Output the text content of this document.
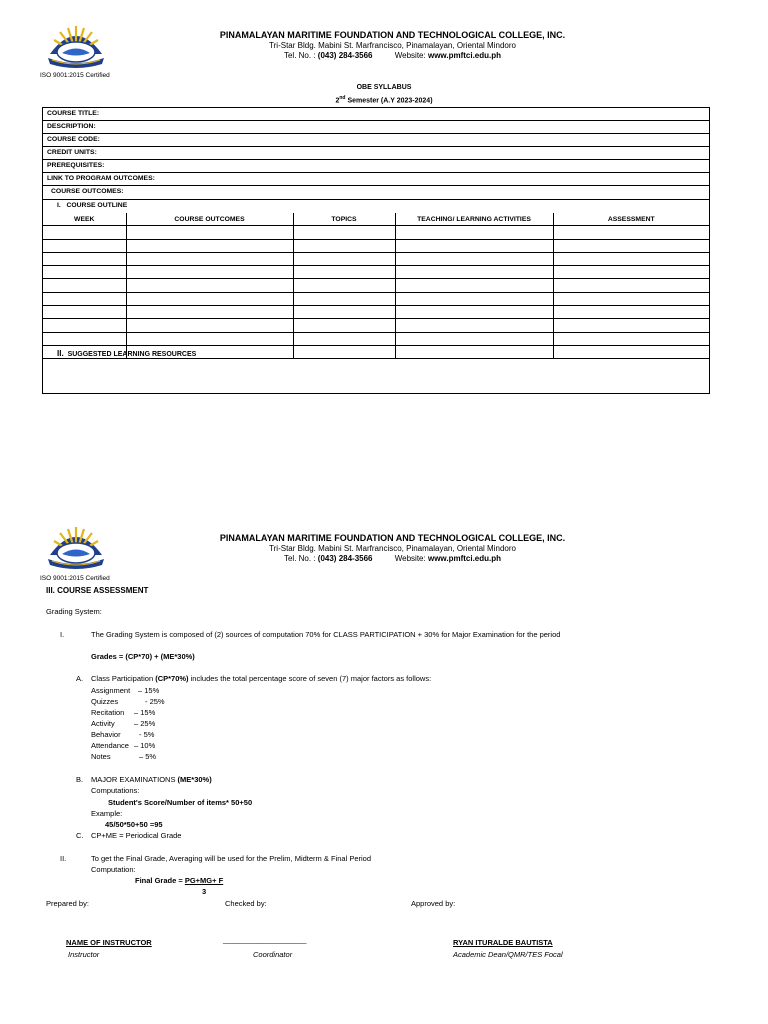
PINAMALAYAN MARITIME FOUNDATION AND TECHNOLOGICAL COLLEGE, INC.
Tri-Star Bldg. Mabini St. Marfrancisco, Pinamalayan, Oriental Mindoro
Tel. No. : (043) 284-3566	Website: www.pmftci.edu.ph
ISO 9001:2015 Certified
OBE SYLLABUS
2nd Semester (A.Y 2023-2024)
COURSE TITLE:
DESCRIPTION:
COURSE CODE:
CREDIT UNITS:
PREREQUISITES:
LINK TO PROGRAM OUTCOMES:
COURSE OUTCOMES:
I. COURSE OUTLINE
WEEK	COURSE OUTCOMES	TOPICS	TEACHING/ LEARNING ACTIVITIES	ASSESSMENT

II. SUGGESTED LEARNING RESOURCES
PINAMALAYAN MARITIME FOUNDATION AND TECHNOLOGICAL COLLEGE, INC.
Tri-Star Bldg. Mabini St. Marfrancisco, Pinamalayan, Oriental Mindoro
Tel. No. : (043) 284-3566	Website: www.pmftci.edu.ph
ISO 9001:2015 Certified
III. COURSE ASSESSMENT
Grading System:
I.	The Grading System is composed of (2) sources of computation 70% for CLASS PARTICIPATION + 30% for Major Examination for the period
Grades = (CP*70) + (ME*30%)
A. Class Participation (CP*70%) includes the total percentage score of seven (7) major factors as follows:
Assignment – 15%
Quizzes	- 25%
Recitation – 15%
Activity	– 25%
Behavior - 5%
Attendance – 10%
Notes	– 5%
B. MAJOR EXAMINATIONS (ME*30%)
Computations:
Student's Score/Number of items* 50+50
Example:
45/50*50+50 =95
C. CP+ME = Periodical Grade
II.	To get the Final Grade, Averaging will be used for the Prelim, Midterm & Final Period
Computation:
Final Grade = PG+MG+ F
3
Prepared by:	Checked by:	Approved by:
NAME OF INSTRUCTOR	____________________	RYAN ITURALDE BAUTISTA
Instructor	Coordinator	Academic Dean/QMR/TES Focal
